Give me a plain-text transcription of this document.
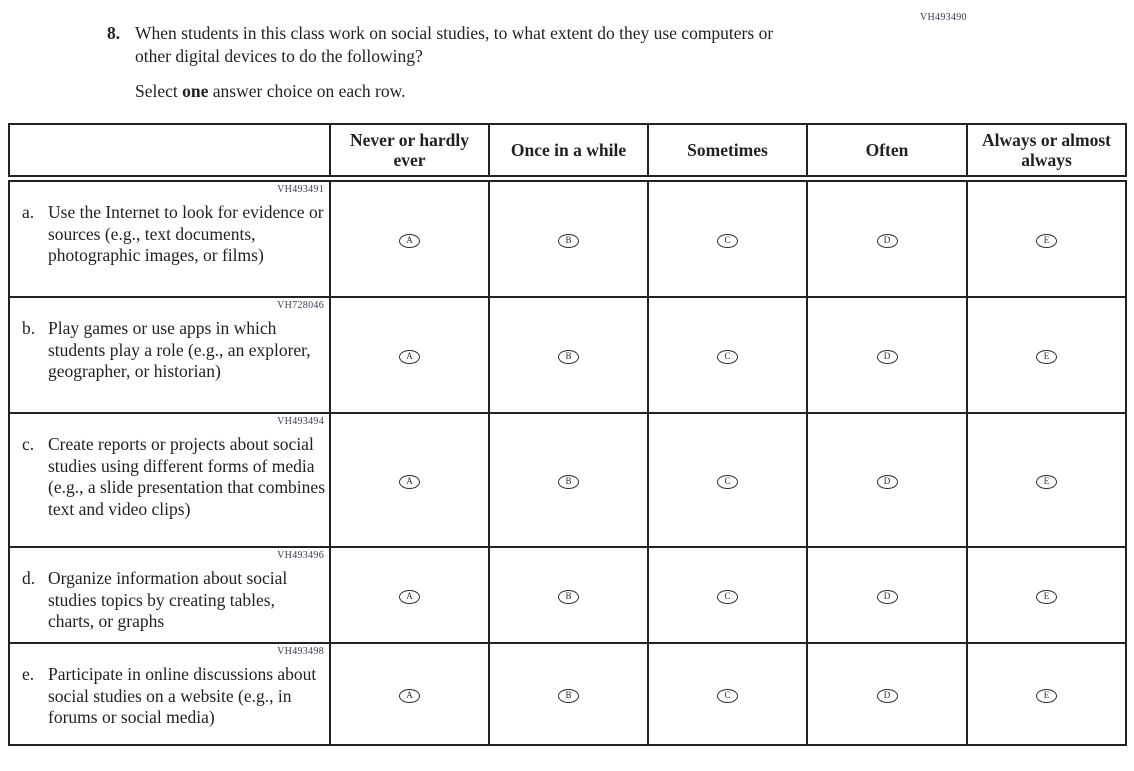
VH493490
8. When students in this class work on social studies, to what extent do they use computers or other digital devices to do the following?
Select one answer choice on each row.
	Never or hardly ever	Once in a while	Sometimes	Often	Always or almost always

VH493491
a. Use the Internet to look for evidence or sources (e.g., text documents, photographic images, or films)	A	B	C	D	E

VH728046
b. Play games or use apps in which students play a role (e.g., an explorer, geographer, or historian)	A	B	C	D	E

VH493494
c. Create reports or projects about social studies using different forms of media (e.g., a slide presentation that combines text and video clips)	A	B	C	D	E

VH493496
d. Organize information about social studies topics by creating tables, charts, or graphs	A	B	C	D	E

VH493498
e. Participate in online discussions about social studies on a website (e.g., in forums or social media)	A	B	C	D	E
